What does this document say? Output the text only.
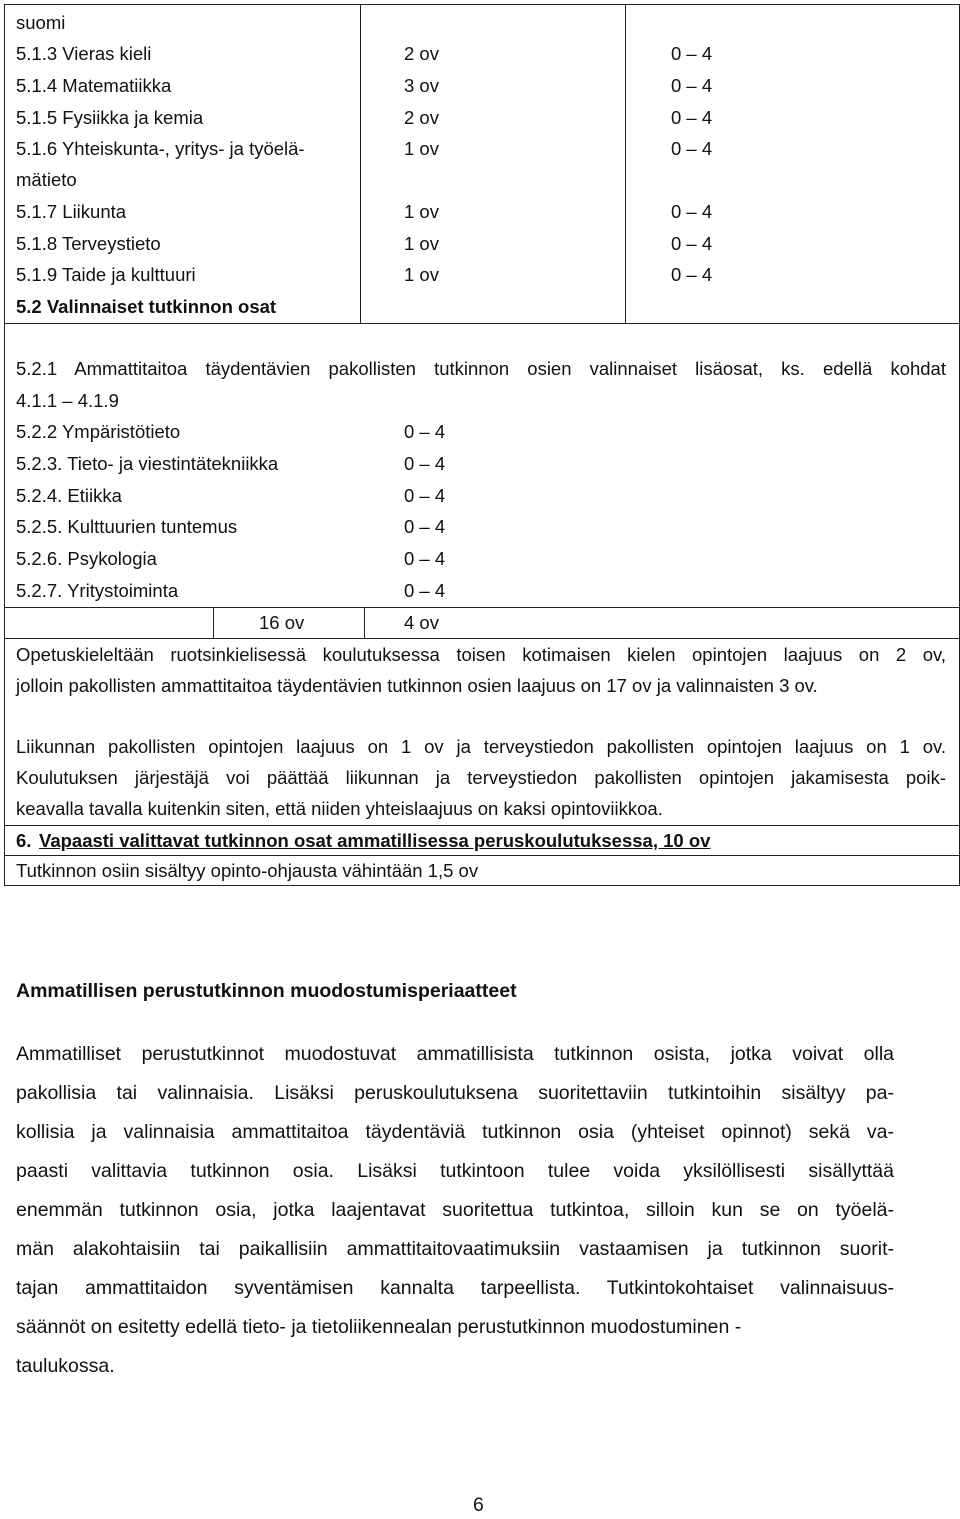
suomi
5.1.3 Vieras kieli	2 ov	0 – 4
5.1.4 Matematiikka	3 ov	0 – 4
5.1.5 Fysiikka ja kemia	2 ov	0 – 4
5.1.6 Yhteiskunta-, yritys- ja työelä-	1 ov	0 – 4
mätieto
5.1.7 Liikunta	1 ov	0 – 4
5.1.8 Terveystieto	1 ov	0 – 4
5.1.9 Taide ja kulttuuri	1 ov	0 – 4
5.2 Valinnaiset tutkinnon osat
5.2.1 Ammattitaitoa täydentävien pakollisten tutkinnon osien valinnaiset lisäosat, ks. edellä kohdat
4.1.1 – 4.1.9
5.2.2 Ympäristötieto	0 – 4
5.2.3. Tieto- ja viestintätekniikka	0 – 4
5.2.4. Etiikka	0 – 4
5.2.5. Kulttuurien tuntemus	0 – 4
5.2.6. Psykologia	0 – 4
5.2.7. Yritystoiminta	0 – 4
16 ov	4 ov
Opetuskieleltään ruotsinkielisessä koulutuksessa toisen kotimaisen kielen opintojen laajuus on 2 ov,
jolloin pakollisten ammattitaitoa täydentävien tutkinnon osien laajuus on 17 ov ja valinnaisten 3 ov.
Liikunnan pakollisten opintojen laajuus on 1 ov ja terveystiedon pakollisten opintojen laajuus on 1 ov.
Koulutuksen järjestäjä voi päättää liikunnan ja terveystiedon pakollisten opintojen jakamisesta poik-
keavalla tavalla kuitenkin siten, että niiden yhteislaajuus on kaksi opintoviikkoa.
6. Vapaasti valittavat tutkinnon osat ammatillisessa peruskoulutuksessa, 10 ov
Tutkinnon osiin sisältyy opinto-ohjausta vähintään 1,5 ov
Ammatillisen perustutkinnon muodostumisperiaatteet
Ammatilliset perustutkinnot muodostuvat ammatillisista tutkinnon osista, jotka voivat olla
pakollisia tai valinnaisia. Lisäksi peruskoulutuksena suoritettaviin tutkintoihin sisältyy pa-
kollisia ja valinnaisia ammattitaitoa täydentäviä tutkinnon osia (yhteiset opinnot) sekä va-
paasti valittavia tutkinnon osia. Lisäksi tutkintoon tulee voida yksilöllisesti sisällyttää
enemmän tutkinnon osia, jotka laajentavat suoritettua tutkintoa, silloin kun se on työelä-
män alakohtaisiin tai paikallisiin ammattitaitovaatimuksiin vastaamisen ja tutkinnon suorit-
tajan ammattitaidon syventämisen kannalta tarpeellista. Tutkintokohtaiset valinnaisuus-
säännöt on esitetty edellä tieto- ja tietoliikennealan perustutkinnon muodostuminen -
taulukossa.
6
